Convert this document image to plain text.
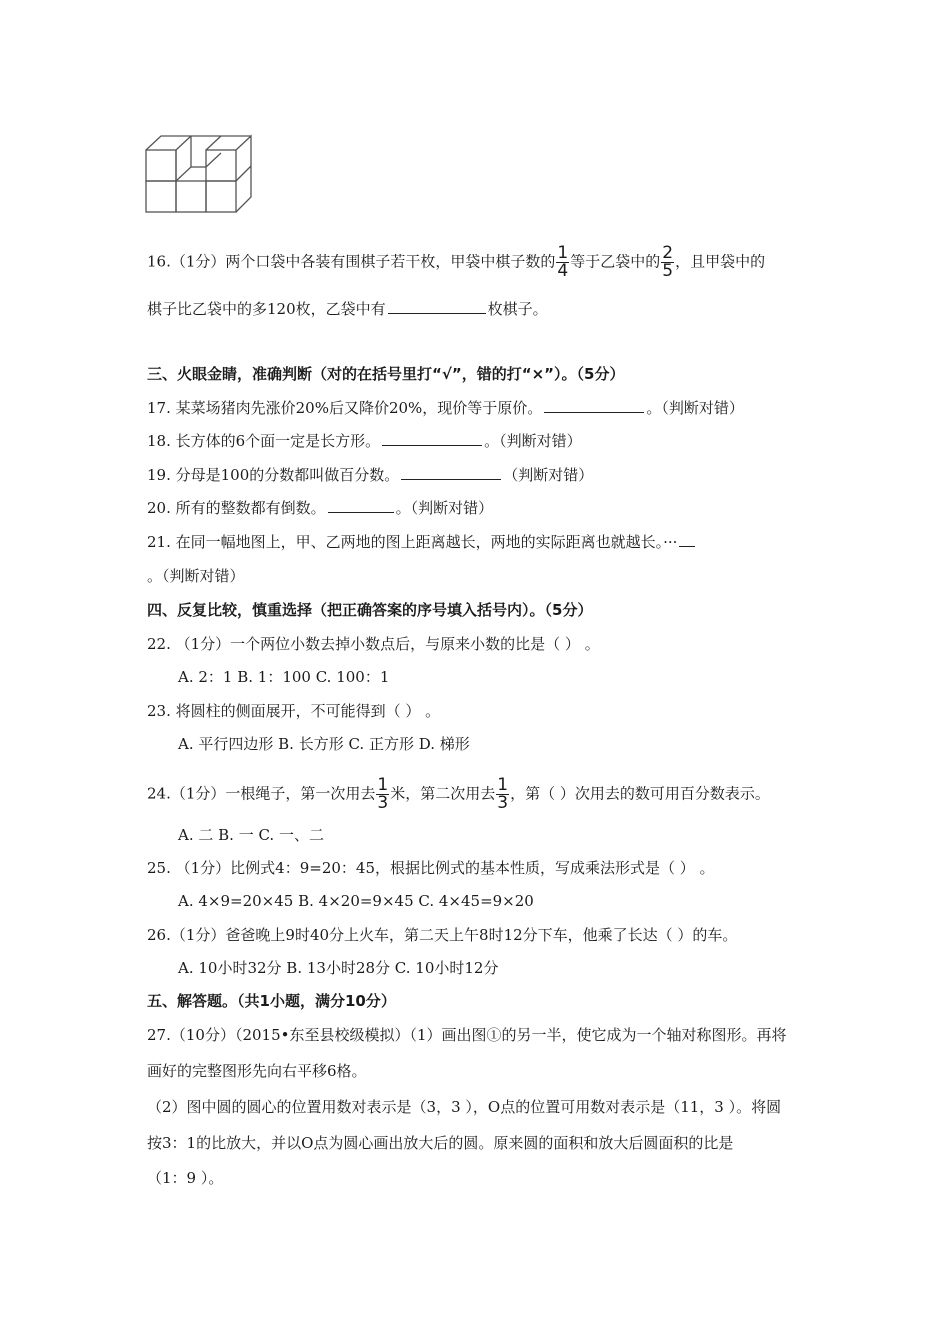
16.（1分）两个口袋中各装有围棋子若干枚，甲袋中棋子数的 $\frac{1}{4}$ 等于乙袋中的 $\frac{2}{5}$ ，且甲袋中的
棋子比乙袋中的多120枚，乙袋中有	枚棋子。
三、火眼金睛，准确判断（对的在括号里打“√”，错的打“×”）。（5分）
17. 某菜场猪肉先涨价20%后又降价20%，现价等于原价。	。（判断对错）
18. 长方体的6个面一定是长方形。	。（判断对错）
19. 分母是100的分数都叫做百分数。	（判断对错）
20. 所有的整数都有倒数。	。（判断对错）
21. 在同一幅地图上，甲、乙两地的图上距离越长，两地的实际距离也就越长。···
。（判断对错）
四、反复比较，慎重选择（把正确答案的序号填入括号内）。（5分）
22. （1分）一个两位小数去掉小数点后，与原来小数的比是（ ） 。
A. 2：1 B. 1：100 C. 100：1
23. 将圆柱的侧面展开，不可能得到（ ） 。
A. 平行四边形 B. 长方形 C. 正方形 D. 梯形
24.（1分）一根绳子，第一次用去 $\frac{1}{3}$ 米，第二次用去 $\frac{1}{3}$ ，第（ ）次用去的数可用百分数表示。
A. 二 B. 一 C. 一、二
25. （1分）比例式4：9=20：45，根据比例式的基本性质，写成乘法形式是（ ） 。
A. 4×9=20×45 B. 4×20=9×45 C. 4×45=9×20
26.（1分）爸爸晚上9时40分上火车，第二天上午8时12分下车，他乘了长达（ ）的车。
A. 10小时32分 B. 13小时28分 C. 10小时12分
五、解答题。（共1小题，满分10分）
27.（10分）（2015•东至县校级模拟）（1）画出图①的另一半，使它成为一个轴对称图形。再将
画好的完整图形先向右平移6格。
（2）图中圆的圆心的位置用数对表示是（3，3 ），O点的位置可用数对表示是（11，3 ）。将圆
按3：1的比放大，并以O点为圆心画出放大后的圆。原来圆的面积和放大后圆面积的比是
（1：9 ）。
